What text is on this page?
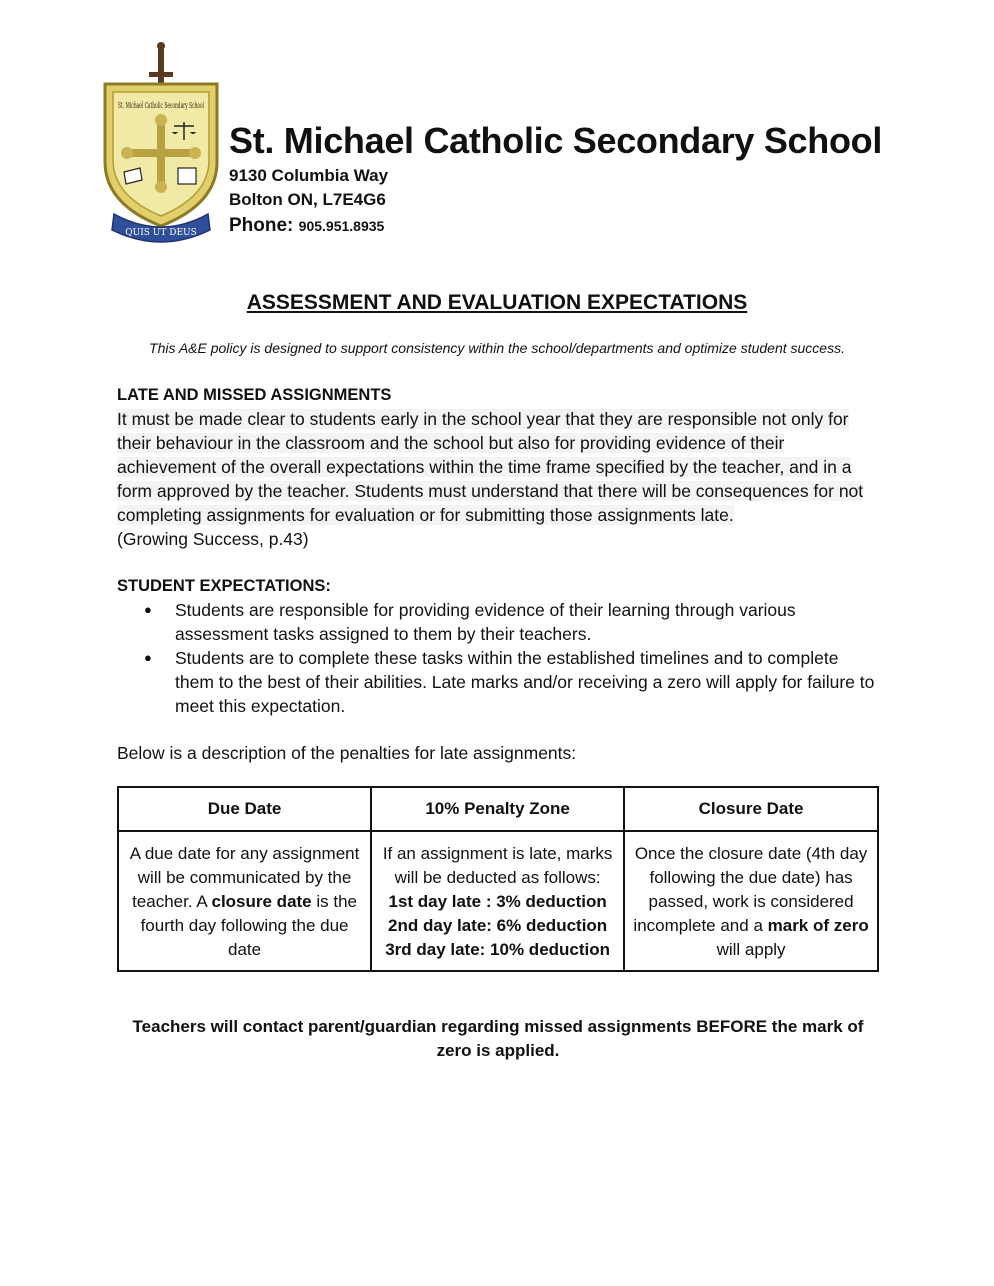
QUIS UT DEUS
St. Michael Catholic Secondary School
St. Michael Catholic Secondary School
9130 Columbia Way
Bolton ON, L7E4G6
Phone: 905.951.8935
ASSESSMENT AND EVALUATION EXPECTATIONS
This A&E policy is designed to support consistency within the school/departments and optimize student success.
LATE AND MISSED ASSIGNMENTS
It must be made clear to students early in the school year that they are responsible not only for their behaviour in the classroom and the school but also for providing evidence of their achievement of the overall expectations within the time frame specified by the teacher, and in a form approved by the teacher. Students must understand that there will be consequences for not completing assignments for evaluation or for submitting those assignments late.
(Growing Success, p.43)
STUDENT EXPECTATIONS:
● Students are responsible for providing evidence of their learning through various assessment tasks assigned to them by their teachers.
● Students are to complete these tasks within the established timelines and to complete them to the best of their abilities. Late marks and/or receiving a zero will apply for failure to meet this expectation.
Below is a description of the penalties for late assignments:
Due Date	10% Penalty Zone	Closure Date
A due date for any assignment will be communicated by the teacher. A closure date is the fourth day following the due date	If an assignment is late, marks will be deducted as follows:
1st day late : 3% deduction
2nd day late: 6% deduction
3rd day late: 10% deduction	Once the closure date (4th day following the due date) has passed, work is considered incomplete and a mark of zero will apply
Teachers will contact parent/guardian regarding missed assignments BEFORE the mark of zero is applied.
